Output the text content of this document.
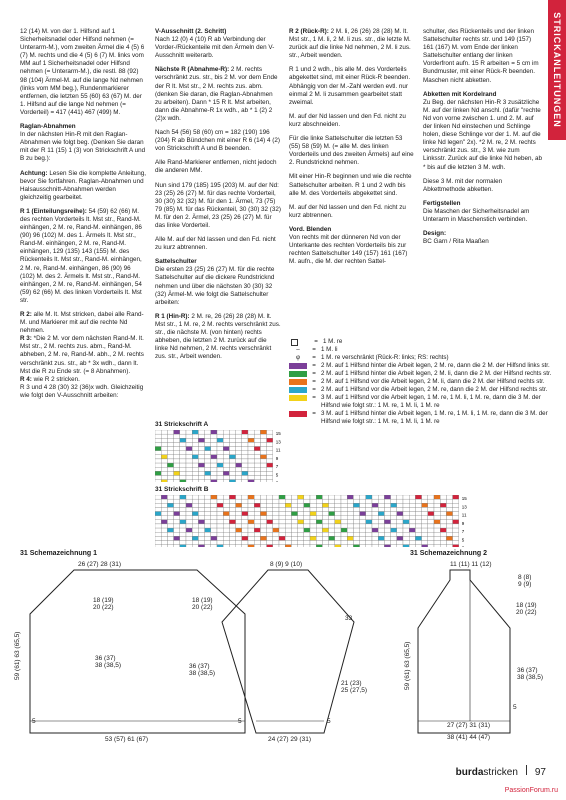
STRICKANLEITUNGEN

12 (14) M. von der 1. Hilfsnd auf 1 Sicherheitsnadel oder Hilfsnd nehmen (= Unterarm-M.), vom zweiten Ärmel die 4 (5) 6 (7) M. rechts und die 4 (5) 6 (7) M. links vom MM auf 1 Sicherheitsnadel oder Hilfsnd nehmen (= Unterarm-M.), die restl. 88 (92) 98 (104) Ärmel-M. auf die lange Nd nehmen (links vom MM beg.), Rundenmarkierer entfernen, die letzten 55 (60) 63 (67) M. der 1. Hilfsnd auf die lange Nd nehmen (= Vorderteil) = 417 (441) 467 (499) M.

Raglan-Abnahmen

In der nächsten Hin-R mit den Raglan-Abnahmen wie folgt beg. (Denken Sie daran mit der R 11 (15) 1 (3) von Strickschrift A und B zu beg.):

Achtung: Lesen Sie die komplette Anleitung, bevor Sie fortfahren. Raglan-Abnahmen und Halsausschnitt-Abnahmen werden gleichzeitig gearbeitet.

R 1 (Einteilungsreihe): 54 (59) 62 (66) M. des rechten Vorderteils lt. Mst str., Rand-M. einhängen, 2 M. re, Rand-M. einhängen, 86 (90) 96 (102) M. des 1. Ärmels lt. Mst str., Rand-M. einhängen, 2 M. re, Rand-M. einhängen, 129 (135) 143 (155) M. des Rückenteils lt. Mst str., Rand-M. einhängen, 2 M. re, Rand-M. einhängen, 86 (90) 96 (102) M. des 2. Ärmels lt. Mst str., Rand-M. einhängen, 2 M. re, Rand-M. einhängen, 54 (59) 62 (66) M. des linken Vorderteils lt. Mst str.

R 2: alle M. lt. Mst stricken, dabei alle Rand-M. und Markierer mit auf die rechte Nd nehmen.

R 3: *Die 2 M. vor dem nächsten Rand-M. lt. Mst str., 2 M. rechts zus. abm., Rand-M. abheben, 2 M. re, Rand-M. abh., 2 M. rechts verschränkt zus. str., ab * 3x wdh., dann lt. Mst die R zu Ende str. (= 8 Abnahmen).

R 4: wie R 2 stricken.

R 3 und 4 28 (30) 32 (36)x wdh. Gleichzeitig wie folgt den V-Ausschnitt arbeiten:

V-Ausschnitt (2. Schritt)

Nach 12 (0) 4 (10) R ab Verbindung der Vorder-/Rückenteile mit den Ärmeln den V-Ausschnitt weiterarb.

Nächste R (Abnahme-R): 2 M. rechts verschränkt zus. str., bis 2 M. vor dem Ende der R lt. Mst str., 2 M. rechts zus. abm. (denken Sie daran, die Raglan-Abnahmen zu arbeiten). Dann * 15 R lt. Mst arbeiten, dann die Abnahme-R 1x wdh., ab * 1 (2) 2 (2)x wdh.

Nach 54 (56) 58 (60) cm = 182 (190) 196 (204) R ab Bündchen mit einer R 6 (14) 4 (2) von Strickschrift A und B beenden.

Alle Rand-Markierer entfernen, nicht jedoch die anderen MM.

Nun sind 179 (185) 195 (203) M. auf der Nd: 23 (25) 26 (27) M. für das rechte Vorderteil, 30 (30) 32 (32) M. für den 1. Ärmel, 73 (75) 79 (85) M. für das Rückenteil, 30 (30) 32 (32) M. für den 2. Ärmel, 23 (25) 26 (27) M. für das linke Vorderteil.

Alle M. auf der Nd lassen und den Fd. nicht zu kurz abtrennen.

Sattelschulter

Die ersten 23 (25) 26 (27) M. für die rechte Sattelschulter auf die dickere Rundstricknd nehmen und über die nächsten 30 (30) 32 (32) Ärmel-M. wie folgt die Sattelschulter arbeiten:

R 1 (Hin-R): 2 M. re, 26 (26) 28 (28) M. lt. Mst str., 1 M. re, 2 M. rechts verschränkt zus. str., die nächste M. (von hinten) rechts abheben, die letzten 2 M. zurück auf die linke Nd nehmen, 2 M. rechts verschränkt zus. str., Arbeit wenden.

R 2 (Rück-R): 2 M. li, 26 (26) 28 (28) M. lt. Mst str., 1 M. li, 2 M. li zus. str., die letzte M. zurück auf die linke Nd nehmen, 2 M. li zus. str., Arbeit wenden.

R 1 und 2 wdh., bis alle M. des Vorderteils abgekettet sind, mit einer Rück-R beenden. Abhängig von der M.-Zahl werden evtl. nur einmal 2 M. li zusammen gearbeitet statt zweimal.

M. auf der Nd lassen und den Fd. nicht zu kurz abschneiden.

Für die linke Sattelschulter die letzten 53 (55) 58 (59) M. (= alle M. des linken Vorderteils und des zweiten Ärmels) auf eine 2. Rundstricknd nehmen.

Mit einer Hin-R beginnen und wie die rechte Sattelschulter arbeiten. R 1 und 2 wdh bis alle M. des Vorderteils abgekettet sind.

M. auf der Nd lassen und den Fd. nicht zu kurz abtrennen.

Vord. Blenden

Von rechts mit der dünneren Nd von der Unterkante des rechten Vorderteils bis zur rechten Sattelschulter 149 (157) 161 (167) M. aufn., die M. der rechten Sattel-

schulter, des Rückenteils und der linken Sattelschulter rechts str. und 149 (157) 161 (167) M. vom Ende der linken Sattelschulter entlang der linken Vorderfront aufn. 15 R arbeiten = 5 cm im Bundmuster, mit einer Rück-R beenden. Maschen nicht abketten.

Abketten mit Kordelrand

Zu Beg. der nächsten Hin-R 3 zusätzliche M. auf der linken Nd anschl. (dafür "rechte Nd von vorne zwischen 1. und 2. M. auf der linken Nd einstechen und Schlinge holen, diese Schlinge vor der 1. M. auf die linke Nd legen" 2x). *2 M. re, 2 M. rechts verschränkt zus. str., 3 M. wie zum Linksstr. Zurück auf die linke Nd heben, ab * bis auf die letzten 3 M. wdh.

Diese 3 M. mit der normalen Abkettmethode abketten.

Fertigstellen

Die Maschen der Sicherheitsnadel am Unterarm in Maschenstich verbinden.

Design:

BC Garn / Rita Maaßen

= 1 M. re
–	= 1 M. li
φ	= 1 M. re verschränkt (Rück-R: links; RS: rechts)
= 2 M. auf 1 Hilfsnd hinter die Arbeit legen, 2 M. re, dann die 2 M. der Hilfsnd links str.
= 2 M. auf 1 Hilfsnd hinter die Arbeit legen, 2 M. li, dann die 2 M. der Hilfsnd rechts str.
= 2 M. auf 1 Hilfsnd vor die Arbeit legen, 2 M. li, dann die 2 M. der Hilfsnd rechts str.
= 2 M. auf 1 Hilfsnd vor die Arbeit legen, 2 M. re, dann die 2 M. der Hilfsnd rechts str.
= 3 M. auf 1 Hilfsnd vor die Arbeit legen, 1 M. re, 1 M. li, 1 M. re, dann die 3 M. der Hilfsnd wie folgt str.: 1 M. re, 1 M. li, 1 M. re
= 3 M. auf 1 Hilfsnd hinter die Arbeit legen, 1 M. re, 1 M. li, 1 M. re, dann die 3 M. der Hilfsnd wie folgt str.: 1 M. re, 1 M. li, 1 M. re
31 Strickschrift A
15
13
11
9
7
5
31 Strickschrift B
15
13
11
9
7
5
31 Schemazeichnung 1
26 (27) 28 (31)
59 (61) 63 (65,5)
18 (19)
20 (22)
18 (19)
20 (22)
36 (37)
38 (38,5)	36 (37)
38 (38,5)
5	5
53 (57) 61 (67)
8 (9) 9 (10)
33
21 (23)
25 (27,5)
5
24 (27) 29 (31)
31 Schemazeichnung 2
11 (11) 11 (12)
8 (8)
9 (9)
59 (61) 63 (65,5)
18 (19)
20 (22)
36 (37)
38 (38,5)
5
27 (27) 31 (31)
38 (41) 44 (47)
burdastricken 97
PassionForum.ru
